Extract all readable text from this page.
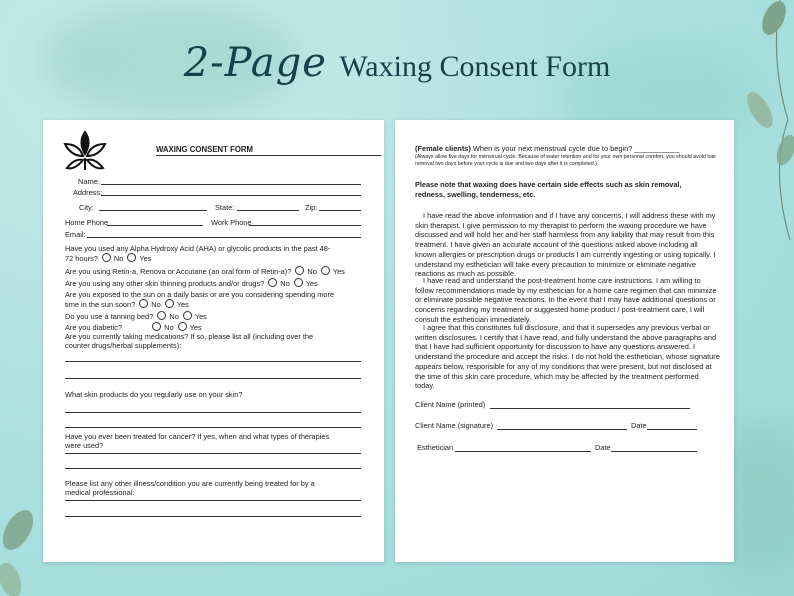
2-Page Waxing Consent Form
WAXING CONSENT FORM
Name:
Address:
City:	State:	Zip:
Home Phone	Work Phone
Email:
Have you used any Alpha Hydroxy Acid (AHA) or glycolic products in the past 48-
72 hours? No Yes
Are you using Retin-a, Renova or Accutane (an oral form of Retin-a)? No Yes
Are you using any other skin thinning products and/or drugs? No Yes
Are you exposed to the sun on a daily basis or are you considering spending more
time in the sun soon? No Yes
Do you use a tanning bed? No Yes
Are you diabetic?	No Yes
Are you currently taking medications? If so, please list all (including over the
counter drugs/herbal supplements):
What skin products do you regularly use on your skin?
Have you ever been treated for cancer? If yes, when and what types of therapies
were used?
Please list any other illness/condition you are currently being treated for by a
medical professional:
(Female clients) When is your next menstrual cycle due to begin? ___________
(Always allow five days for menstrual cycle. Because of water retention and for your own personal comfort, you should avoid hair removal two days before your cycle is due and two days after it is completed.)
Please note that waxing does have certain side effects such as skin removal, redness, swelling, tenderness, etc.
I have read the above information and if I have any concerns, I will address these with my skin therapist. I give permission to my therapist to perform the waxing procedure we have discussed and will hold her and her staff harmless from any liability that may result from this treatment. I have given an accurate account of the questions asked above including all known allergies or prescription drugs or products I am currently ingesting or using topically. I understand my esthetician will take every precaution to minimize or eliminate negative reactions as much as possible.
I have read and understand the post-treatment home care instructions. I am willing to follow recommendations made by my esthetician for a home care regimen that can minimize or eliminate possible negative reactions. In the event that I may have additional questions or concerns regarding my treatment or suggested home product / post-treatment care, I will consult the esthetician immediately.
I agree that this constitutes full disclosure, and that it supersedes any previous verbal or written disclosures. I certify that I have read, and fully understand the above paragraphs and that I have had sufficient opportunity for discussion to have any questions answered. I understand the procedure and accept the risks. I do not hold the esthetician, whose signature appears below, responsible for any of my conditions that were present, but not disclosed at the time of this skin care procedure, which may be affected by the treatment performed today.
Client Name (printed)
Client Name (signature)	Date
Esthetician	Date
